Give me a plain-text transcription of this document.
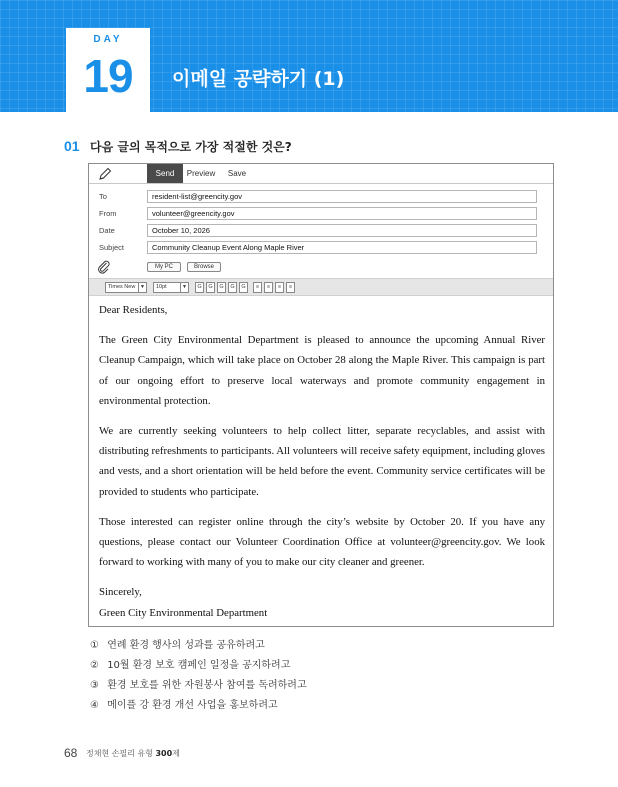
DAY
19	이메일 공략하기 (1)
01 다음 글의 목적으로 가장 적절한 것은?
Send	Preview	Save
To	resident-list@greencity.gov
From	volunteer@greencity.gov
Date	October 10, 2026
Subject	Community Cleanup Event Along Maple River
My PC	Browse
Times New ▼	10pt	▼	G	G	G	G	G	≡	≡	≡	≡

Dear Residents,

The Green City Environmental Department is pleased to announce the upcoming Annual River Cleanup Campaign, which will take place on October 28 along the Maple River. This campaign is part of our ongoing effort to preserve local waterways and promote community engagement in environmental protection.

We are currently seeking volunteers to help collect litter, separate recyclables, and assist with distributing refreshments to participants. All volunteers will receive safety equipment, including gloves and vests, and a short orientation will be held before the event. Community service certificates will be provided to students who participate.

Those interested can register online through the city’s website by October 20. If you have any questions, please contact our Volunteer Coordination Office at volunteer@greencity.gov. We look forward to working with many of you to make our city cleaner and greener.

Sincerely,

Green City Environmental Department

① 연례 환경 행사의 성과를 공유하려고
② 10월 환경 보호 캠페인 일정을 공지하려고
③ 환경 보호를 위한 자원봉사 참여를 독려하려고
④ 메이플 강 환경 개선 사업을 홍보하려고
68 정채현 손필리 유형 300제
